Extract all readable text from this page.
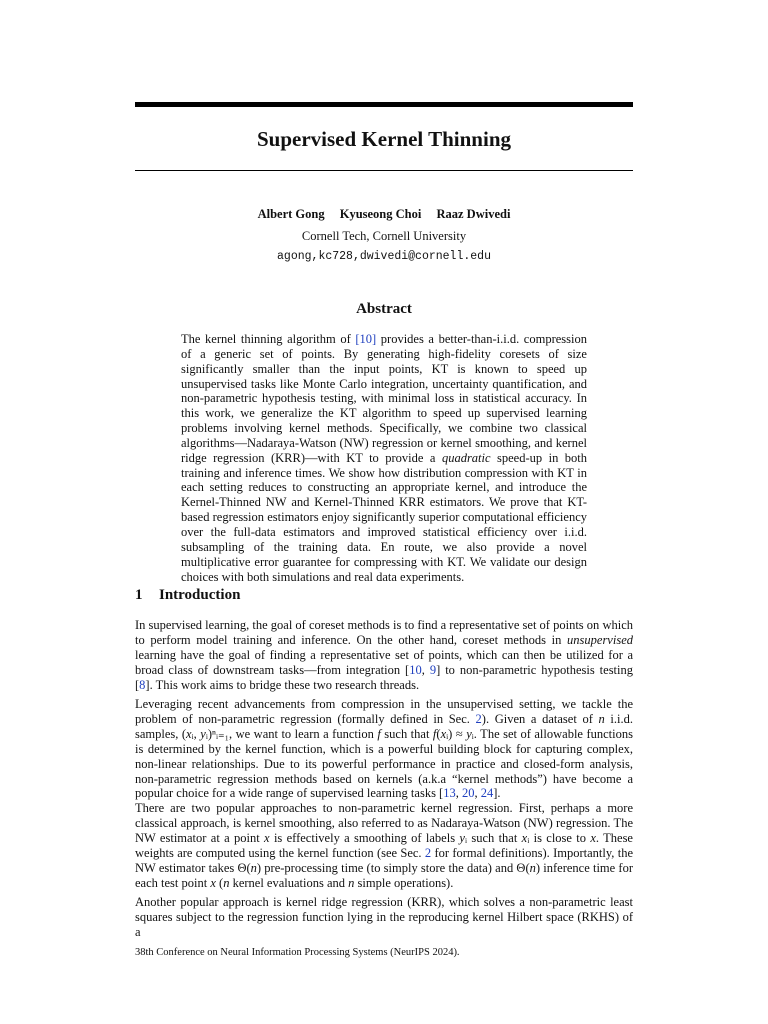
Supervised Kernel Thinning
Albert Gong Kyuseong Choi Raaz Dwivedi
Cornell Tech, Cornell University
agong,kc728,dwivedi@cornell.edu
Abstract

The kernel thinning algorithm of [10] provides a better-than-i.i.d. compression of a generic set of points. By generating high-fidelity coresets of size significantly smaller than the input points, KT is known to speed up unsupervised tasks like Monte Carlo integration, uncertainty quantification, and non-parametric hypothesis testing, with minimal loss in statistical accuracy. In this work, we generalize the KT algorithm to speed up supervised learning problems involving kernel methods. Specifically, we combine two classical algorithms—Nadaraya-Watson (NW) regression or kernel smoothing, and kernel ridge regression (KRR)—with KT to provide a quadratic speed-up in both training and inference times. We show how distribution compression with KT in each setting reduces to constructing an appropriate kernel, and introduce the Kernel-Thinned NW and Kernel-Thinned KRR estimators. We prove that KT-based regression estimators enjoy significantly superior computational efficiency over the full-data estimators and improved statistical efficiency over i.i.d. subsampling of the training data. En route, we also provide a novel multiplicative error guarantee for compressing with KT. We validate our design choices with both simulations and real data experiments.

1 Introduction

In supervised learning, the goal of coreset methods is to find a representative set of points on which to perform model training and inference. On the other hand, coreset methods in unsupervised learning have the goal of finding a representative set of points, which can then be utilized for a broad class of downstream tasks—from integration [10, 9] to non-parametric hypothesis testing [8]. This work aims to bridge these two research threads.

Leveraging recent advancements from compression in the unsupervised setting, we tackle the problem of non-parametric regression (formally defined in Sec. 2). Given a dataset of n i.i.d. samples, (xᵢ, yᵢ)ⁿᵢ₌₁, we want to learn a function f such that f(xᵢ) ≈ yᵢ. The set of allowable functions is determined by the kernel function, which is a powerful building block for capturing complex, non-linear relationships. Due to its powerful performance in practice and closed-form analysis, non-parametric regression methods based on kernels (a.k.a “kernel methods”) have become a popular choice for a wide range of supervised learning tasks [13, 20, 24].

There are two popular approaches to non-parametric kernel regression. First, perhaps a more classical approach, is kernel smoothing, also referred to as Nadaraya-Watson (NW) regression. The NW estimator at a point x is effectively a smoothing of labels yᵢ such that xᵢ is close to x. These weights are computed using the kernel function (see Sec. 2 for formal definitions). Importantly, the NW estimator takes Θ(n) pre-processing time (to simply store the data) and Θ(n) inference time for each test point x (n kernel evaluations and n simple operations).

Another popular approach is kernel ridge regression (KRR), which solves a non-parametric least squares subject to the regression function lying in the reproducing kernel Hilbert space (RKHS) of a

38th Conference on Neural Information Processing Systems (NeurIPS 2024).
